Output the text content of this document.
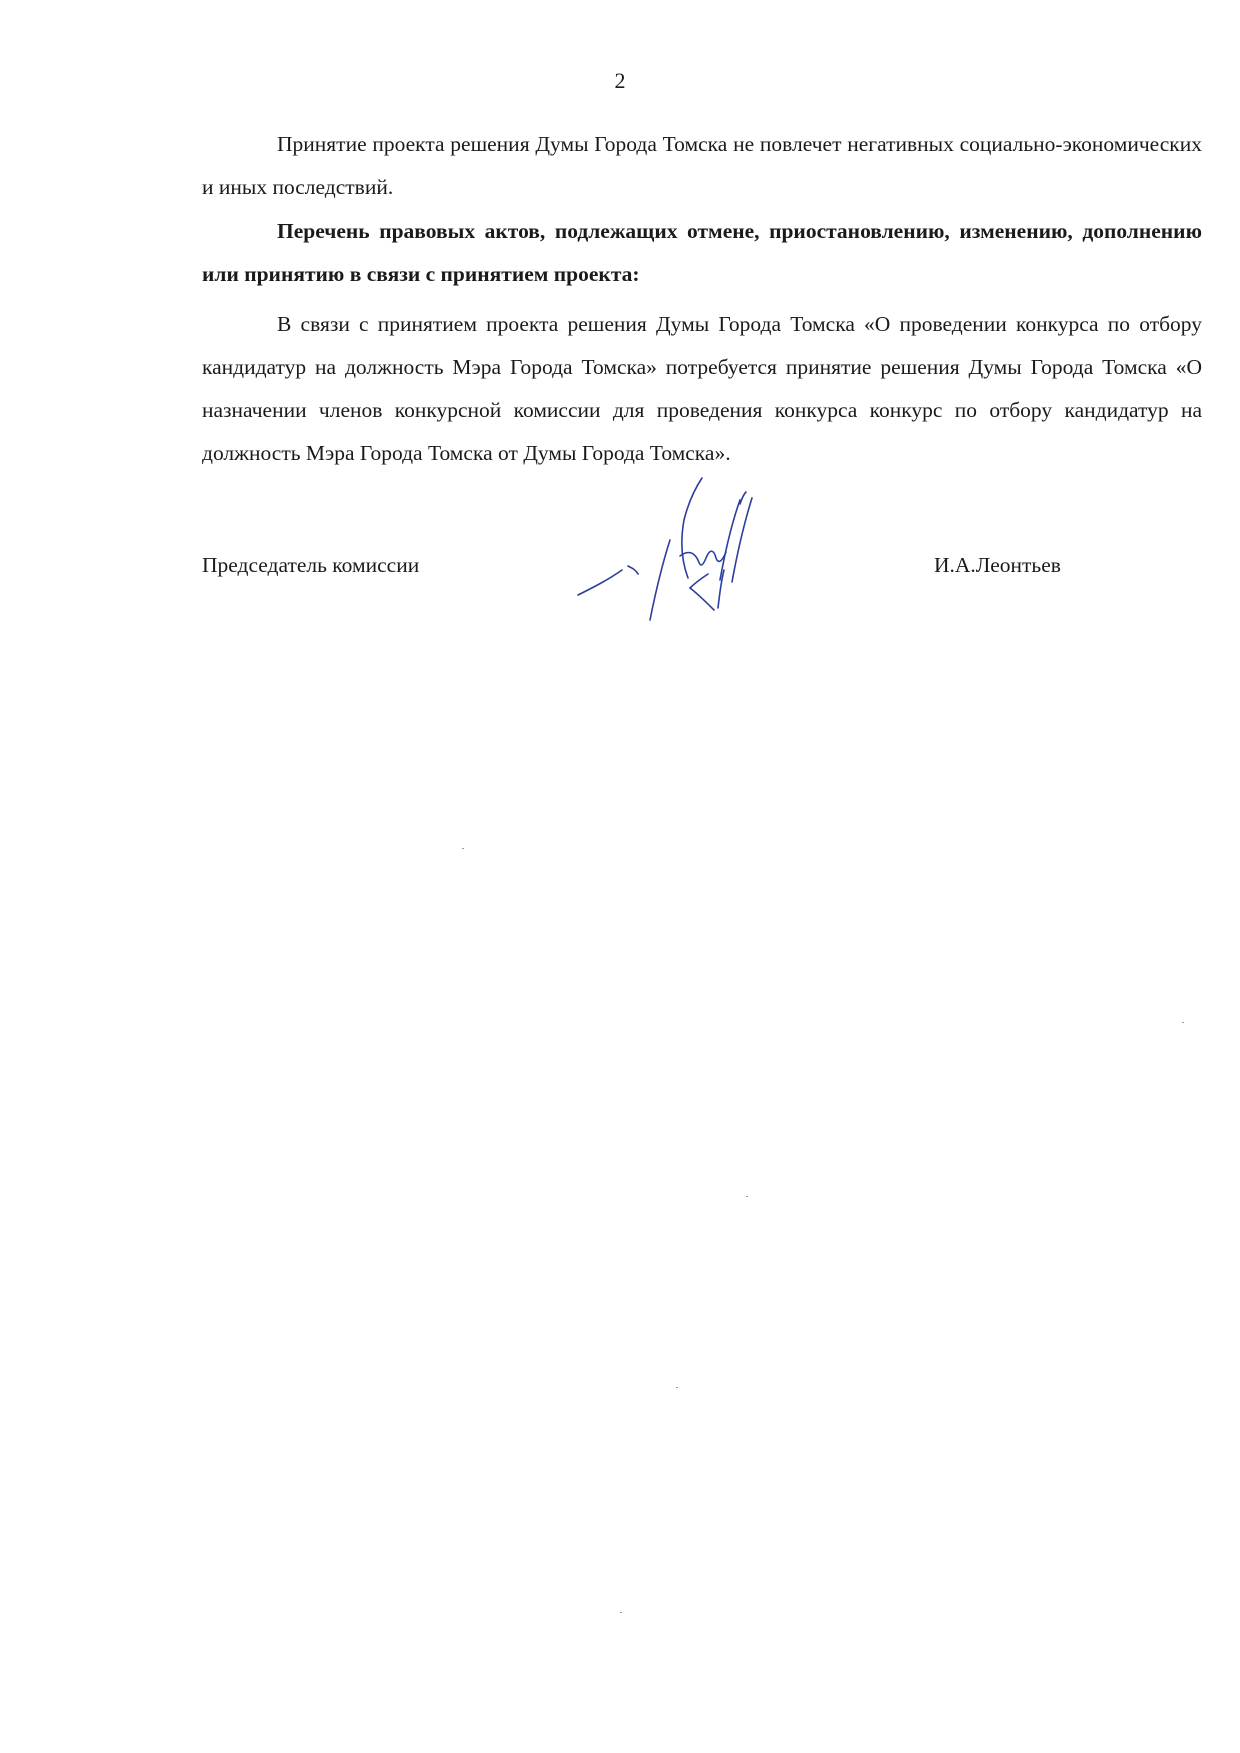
2

Принятие проекта решения Думы Города Томска не повлечет негативных социально-экономических и иных последствий.

Перечень правовых актов, подлежащих отмене, приостановлению, изменению, дополнению или принятию в связи с принятием проекта:

В связи с принятием проекта решения Думы Города Томска «О проведении конкурса по отбору кандидатур на должность Мэра Города Томска» потребуется принятие решения Думы Города Томска «О назначении членов конкурсной комиссии для проведения конкурса конкурс по отбору кандидатур на должность Мэра Города Томска от Думы Города Томска».

Председатель комиссии	И.А.Леонтьев
